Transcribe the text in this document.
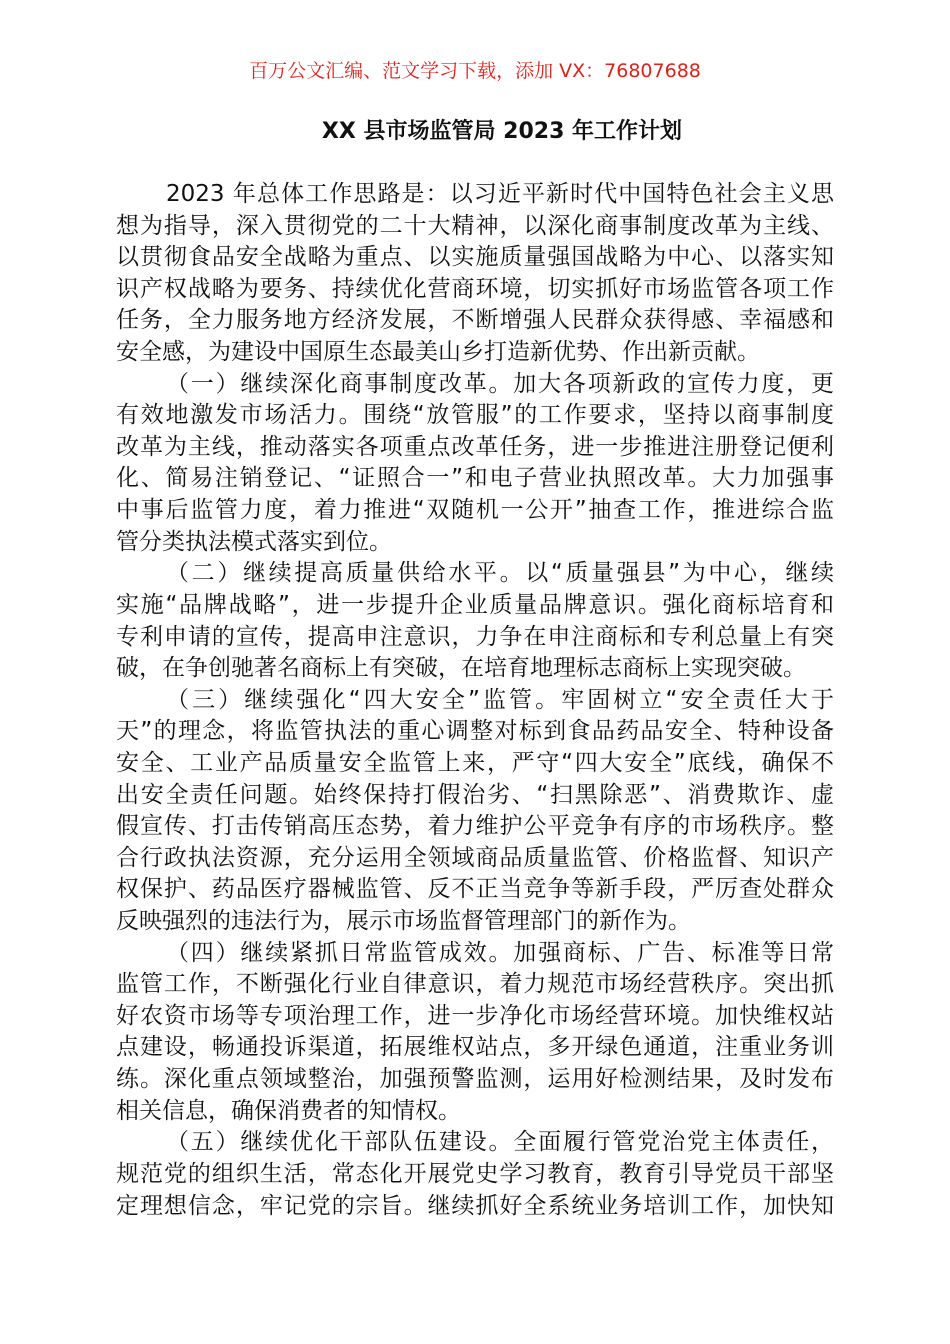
百万公文汇编、范文学习下载，添加 VX：76807688
XX 县市场监管局 2023 年工作计划
2023 年总体工作思路是：以习近平新时代中国特色社会主义思
想为指导，深入贯彻党的二十大精神，以深化商事制度改革为主线、
以贯彻食品安全战略为重点、以实施质量强国战略为中心、以落实知
识产权战略为要务、持续优化营商环境，切实抓好市场监管各项工作
任务，全力服务地方经济发展，不断增强人民群众获得感、幸福感和
安全感，为建设中国原生态最美山乡打造新优势、作出新贡献。
（一）继续深化商事制度改革。加大各项新政的宣传力度，更
有效地激发市场活力。围绕“放管服”的工作要求，坚持以商事制度
改革为主线，推动落实各项重点改革任务，进一步推进注册登记便利
化、简易注销登记、“证照合一”和电子营业执照改革。大力加强事
中事后监管力度，着力推进“双随机一公开”抽查工作，推进综合监
管分类执法模式落实到位。
（二）继续提高质量供给水平。以“质量强县”为中心，继续
实施“品牌战略”，进一步提升企业质量品牌意识。强化商标培育和
专利申请的宣传，提高申注意识，力争在申注商标和专利总量上有突
破，在争创驰著名商标上有突破，在培育地理标志商标上实现突破。
（三）继续强化“四大安全”监管。牢固树立“安全责任大于
天”的理念，将监管执法的重心调整对标到食品药品安全、特种设备
安全、工业产品质量安全监管上来，严守“四大安全”底线，确保不
出安全责任问题。始终保持打假治劣、“扫黑除恶”、消费欺诈、虚
假宣传、打击传销高压态势，着力维护公平竞争有序的市场秩序。整
合行政执法资源，充分运用全领域商品质量监管、价格监督、知识产
权保护、药品医疗器械监管、反不正当竞争等新手段，严厉查处群众
反映强烈的违法行为，展示市场监督管理部门的新作为。
（四）继续紧抓日常监管成效。加强商标、广告、标准等日常
监管工作，不断强化行业自律意识，着力规范市场经营秩序。突出抓
好农资市场等专项治理工作，进一步净化市场经营环境。加快维权站
点建设，畅通投诉渠道，拓展维权站点，多开绿色通道，注重业务训
练。深化重点领域整治，加强预警监测，运用好检测结果，及时发布
相关信息，确保消费者的知情权。
（五）继续优化干部队伍建设。全面履行管党治党主体责任，
规范党的组织生活，常态化开展党史学习教育，教育引导党员干部坚
定理想信念，牢记党的宗旨。继续抓好全系统业务培训工作，加快知
